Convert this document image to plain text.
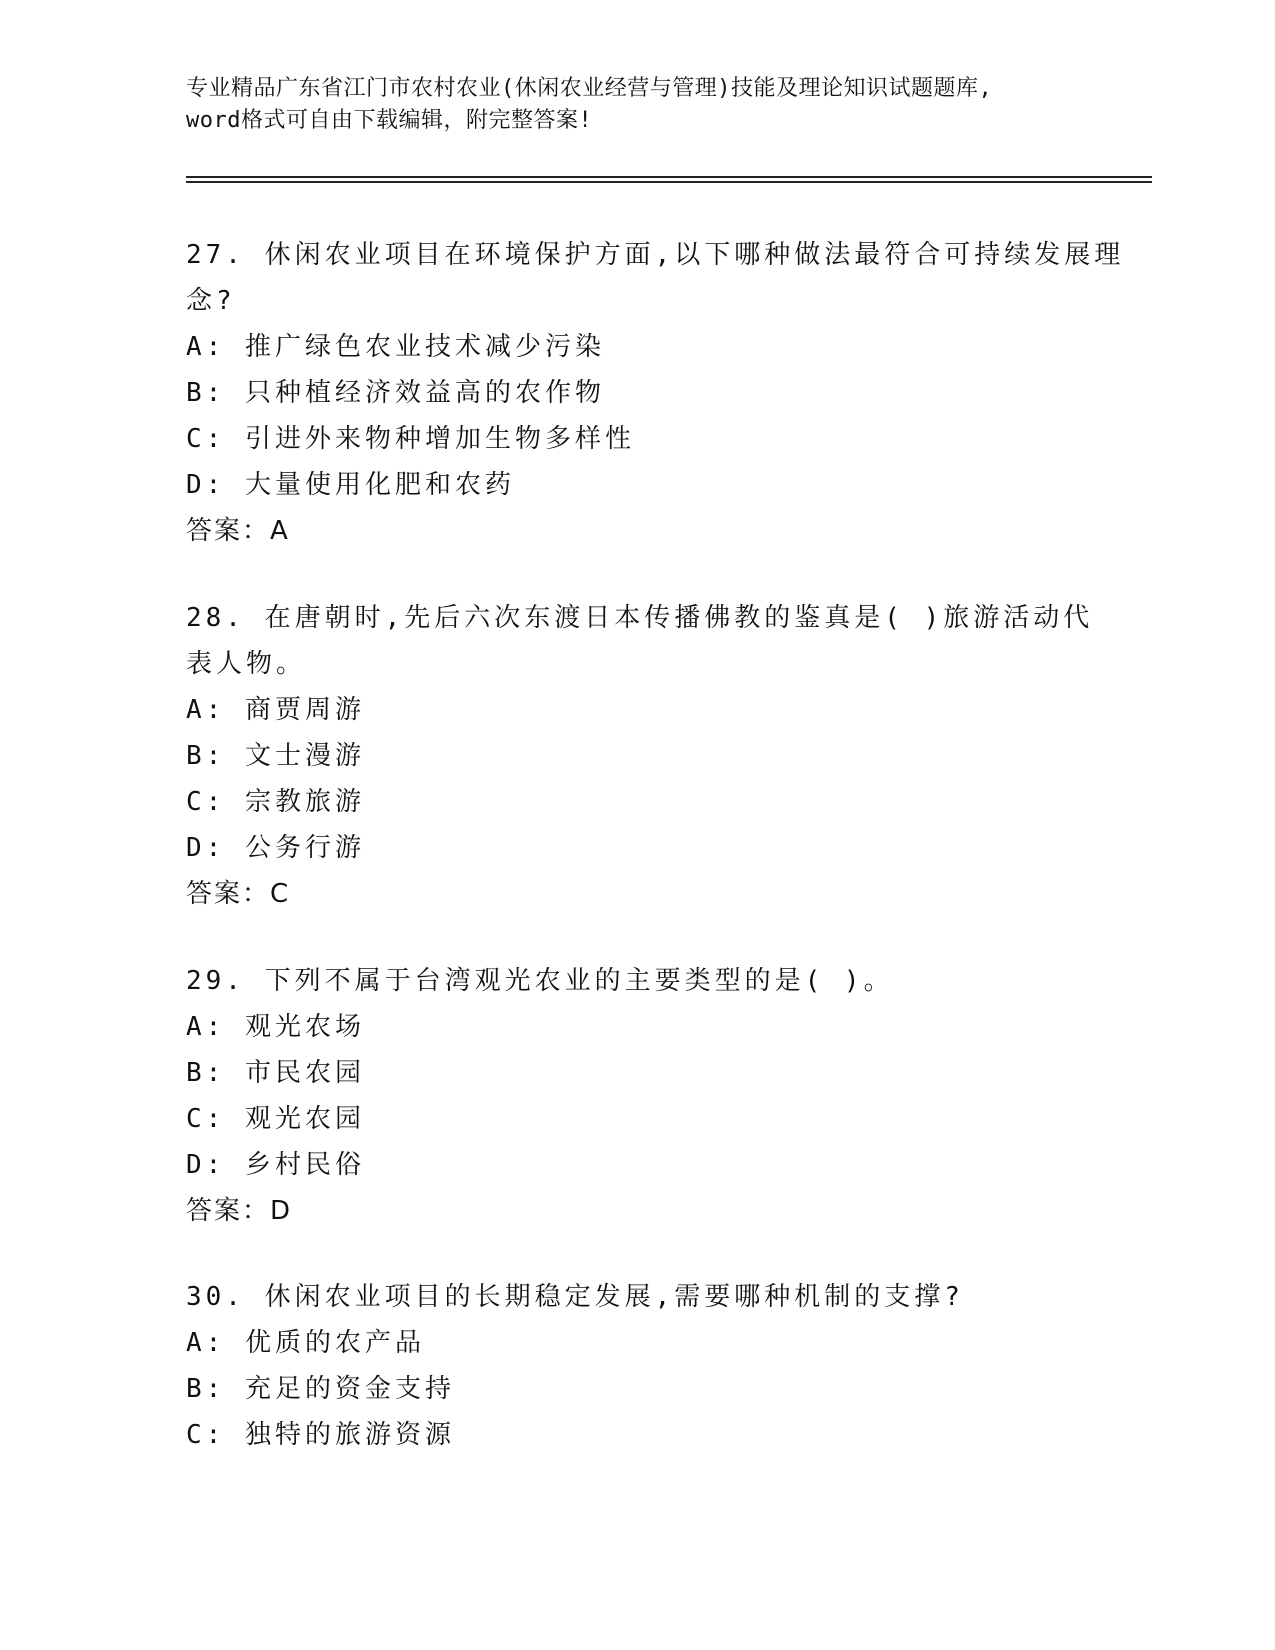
专业精品广东省江门市农村农业(休闲农业经营与管理)技能及理论知识试题题库,
word格式可自由下载编辑，附完整答案!
27. 休闲农业项目在环境保护方面,以下哪种做法最符合可持续发展理
念?
A: 推广绿色农业技术减少污染
B: 只种植经济效益高的农作物
C: 引进外来物种增加生物多样性
D: 大量使用化肥和农药
答案：A
28. 在唐朝时,先后六次东渡日本传播佛教的鉴真是( )旅游活动代
表人物。
A: 商贾周游
B: 文士漫游
C: 宗教旅游
D: 公务行游
答案：C
29. 下列不属于台湾观光农业的主要类型的是( )。
A: 观光农场
B: 市民农园
C: 观光农园
D: 乡村民俗
答案：D
30. 休闲农业项目的长期稳定发展,需要哪种机制的支撑?
A: 优质的农产品
B: 充足的资金支持
C: 独特的旅游资源
